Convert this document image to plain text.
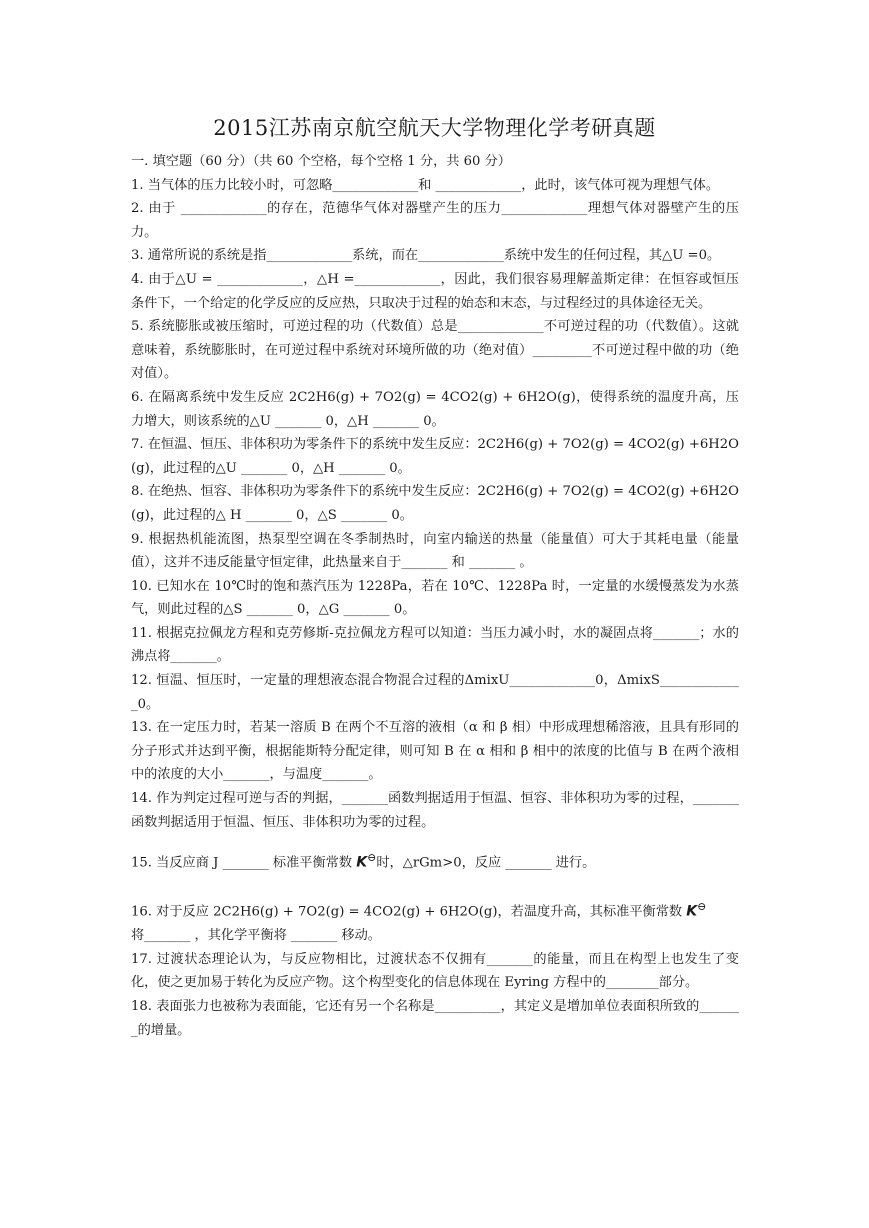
2015江苏南京航空航天大学物理化学考研真题

一. 填空题（60 分）（共 60 个空格，每个空格 1 分，共 60 分）

1. 当气体的压力比较小时，可忽略_____________和 _____________，此时，该气体可视为理想气体。

2. 由于 _____________的存在，范德华气体对器壁产生的压力_____________理想气体对器壁产生的压力。

3. 通常所说的系统是指_____________系统，而在_____________系统中发生的任何过程，其△U =0。

4. 由于△U = _____________，△H =_____________，因此，我们很容易理解盖斯定律：在恒容或恒压条件下，一个给定的化学反应的反应热，只取决于过程的始态和末态，与过程经过的具体途径无关。

5. 系统膨胀或被压缩时，可逆过程的功（代数值）总是_____________不可逆过程的功（代数值）。这就意味着，系统膨胀时，在可逆过程中系统对环境所做的功（绝对值）_________不可逆过程中做的功（绝对值）。

6. 在隔离系统中发生反应 2C2H6(g) + 7O2(g) = 4CO2(g) + 6H2O(g)，使得系统的温度升高，压力增大，则该系统的△U _______ 0，△H _______ 0。

7. 在恒温、恒压、非体积功为零条件下的系统中发生反应：2C2H6(g) + 7O2(g) = 4CO2(g) +6H2O(g)，此过程的△U _______ 0，△H _______ 0。

8. 在绝热、恒容、非体积功为零条件下的系统中发生反应：2C2H6(g) + 7O2(g) = 4CO2(g) +6H2O(g)，此过程的△ H _______ 0，△S _______ 0。

9. 根据热机能流图，热泵型空调在冬季制热时，向室内输送的热量（能量值）可大于其耗电量（能量值），这并不违反能量守恒定律，此热量来自于_______ 和 _______ 。

10. 已知水在 10℃时的饱和蒸汽压为 1228Pa，若在 10℃、1228Pa 时，一定量的水缓慢蒸发为水蒸气，则此过程的△S _______ 0，△G _______ 0。

11. 根据克拉佩龙方程和克劳修斯-克拉佩龙方程可以知道：当压力减小时，水的凝固点将_______；水的沸点将_______。

12. 恒温、恒压时，一定量的理想液态混合物混合过程的ΔmixU_____________0，ΔmixS_____________0。

13. 在一定压力时，若某一溶质 B 在两个不互溶的液相（α 和 β 相）中形成理想稀溶液，且具有形同的分子形式并达到平衡，根据能斯特分配定律，则可知 B 在 α 相和 β 相中的浓度的比值与 B 在两个液相中的浓度的大小_______，与温度_______。

14. 作为判定过程可逆与否的判据，_______函数判据适用于恒温、恒容、非体积功为零的过程，_______函数判据适用于恒温、恒压、非体积功为零的过程。

15. 当反应商 J _______ 标准平衡常数 K⊖时，△rGm>0，反应 _______ 进行。

16. 对于反应 2C2H6(g) + 7O2(g) = 4CO2(g) + 6H2O(g)，若温度升高，其标准平衡常数 K⊖
将_______ ，其化学平衡将 _______ 移动。

17. 过渡状态理论认为，与反应物相比，过渡状态不仅拥有_______的能量，而且在构型上也发生了变化，使之更加易于转化为反应产物。这个构型变化的信息体现在 Eyring 方程中的________部分。

18. 表面张力也被称为表面能，它还有另一个名称是__________，其定义是增加单位表面积所致的_______的增量。
